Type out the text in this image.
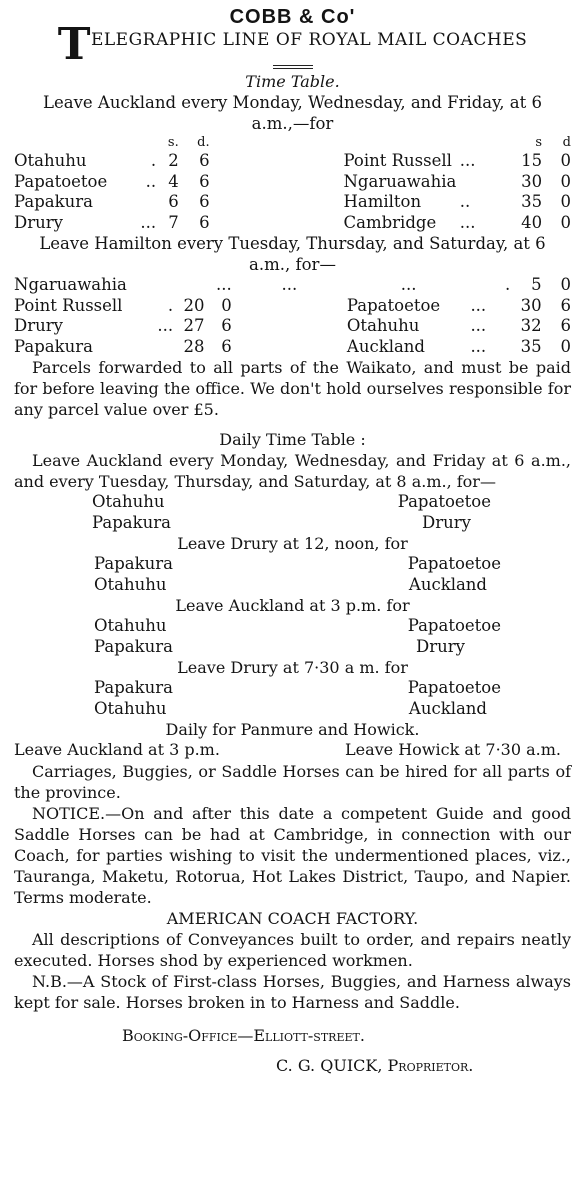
COBB & Co'
TELEGRAPHIC LINE OF ROYAL MAIL COACHES
Time Table.

Leave Auckland every Monday, Wednesday, and Friday, at 6 a.m.,—for

		s.	d.				s	d
Otahuhu	.	2	6		Point Russell	...	15	0
Papatoetoe	..	4	6		Ngaruawahia		30	0
Papakura		6	6		Hamilton	..	35	0
Drury	...	7	6		Cambridge	...	40	0

Leave Hamilton every Tuesday, Thursday, and Saturday, at 6 a.m., for—

Ngaruawahia		...		...	...	.	5	0
Point Russell	.	20	0		Papatoetoe	...	30	6
Drury	...	27	6		Otahuhu	...	32	6
Papakura		28	6		Auckland	...	35	0

Parcels forwarded to all parts of the Waikato, and must be paid for before leaving the office. We don't hold ourselves responsible for any parcel value over £5.

Daily Time Table :

Leave Auckland every Monday, Wednesday, and Friday at 6 a.m., and every Tuesday, Thursday, and Saturday, at 8 a.m., for—

Otahuhu	Papatoetoe
Papakura	Drury
Leave Drury at 12, noon, for
Papakura	Papatoetoe
Otahuhu	Auckland
Leave Auckland at 3 p.m. for
Otahuhu	Papatoetoe
Papakura	Drury
Leave Drury at 7·30 a m. for
Papakura	Papatoetoe
Otahuhu	Auckland
Daily for Panmure and Howick.
Leave Auckland at 3 p.m.	Leave Howick at 7·30 a.m.

Carriages, Buggies, or Saddle Horses can be hired for all parts of the province.

NOTICE.—On and after this date a competent Guide and good Saddle Horses can be had at Cambridge, in connection with our Coach, for parties wishing to visit the undermentioned places, viz., Tauranga, Maketu, Rotorua, Hot Lakes District, Taupo, and Napier. Terms moderate.

AMERICAN COACH FACTORY.

All descriptions of Conveyances built to order, and repairs neatly executed. Horses shod by experienced workmen.

N.B.—A Stock of First-class Horses, Buggies, and Harness always kept for sale. Horses broken in to Harness and Saddle.

Booking-Office—Elliott-street.
C. G. QUICK, Proprietor.
